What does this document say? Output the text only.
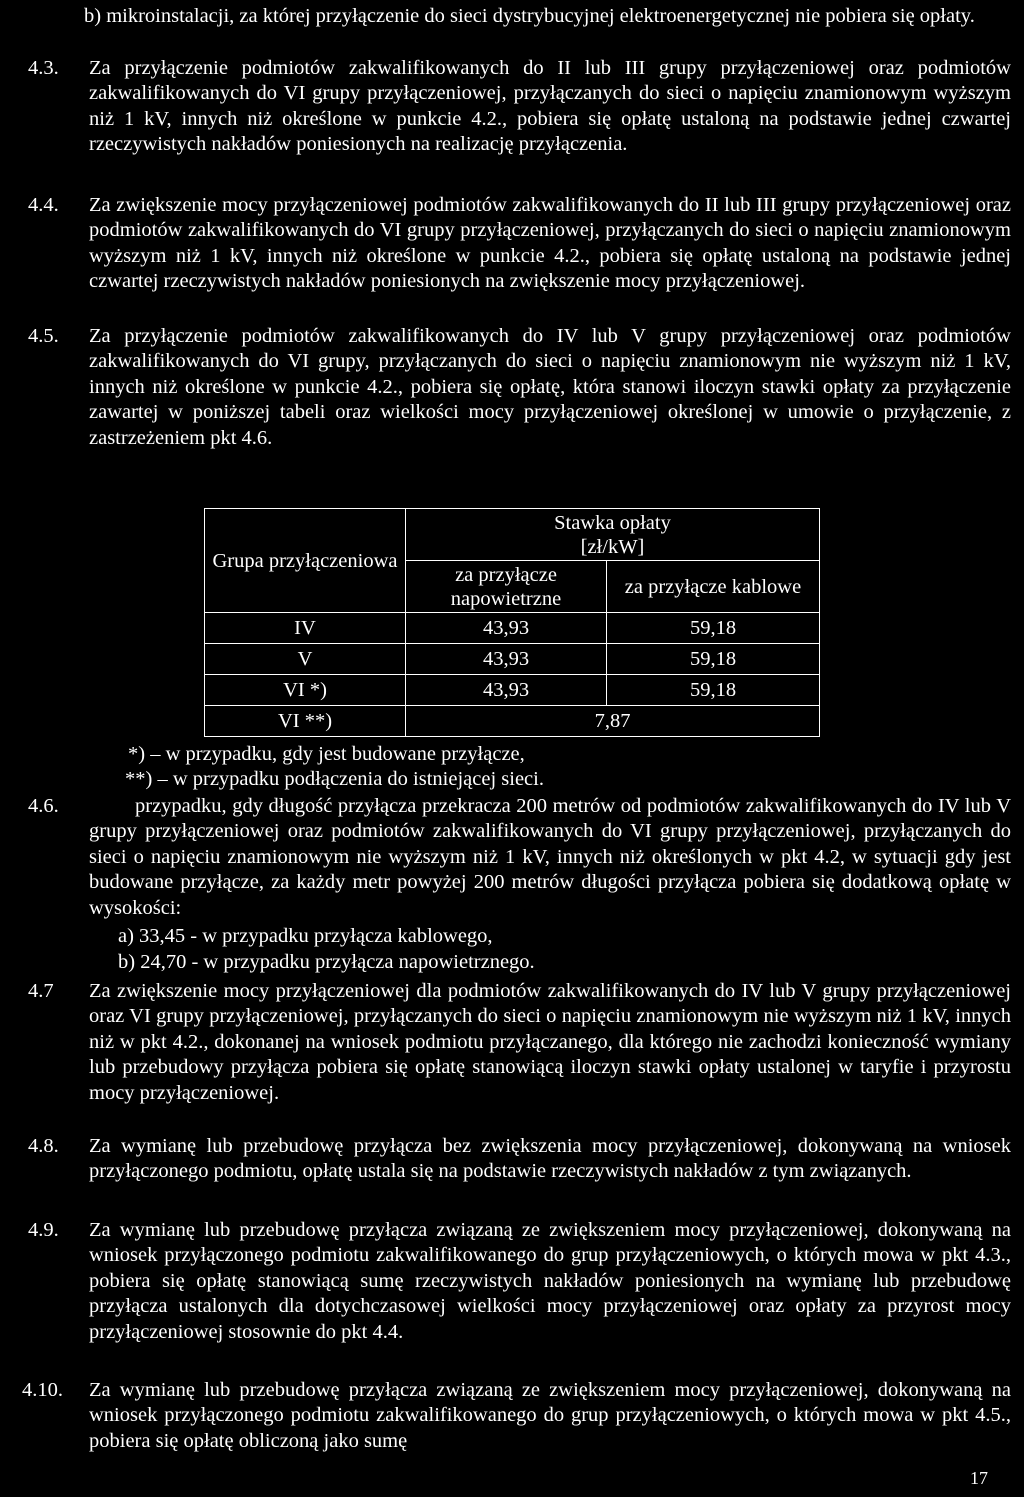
b) mikroinstalacji, za której przyłączenie do sieci dystrybucyjnej elektroenergetycznej nie pobiera się opłaty.
4.3. Za przyłączenie podmiotów zakwalifikowanych do II lub III grupy przyłączeniowej oraz podmiotów zakwalifikowanych do VI grupy przyłączeniowej, przyłączanych do sieci o napięciu znamionowym wyższym niż 1 kV, innych niż określone w punkcie 4.2., pobiera się opłatę ustaloną na podstawie jednej czwartej rzeczywistych nakładów poniesionych na realizację przyłączenia.
4.4. Za zwiększenie mocy przyłączeniowej podmiotów zakwalifikowanych do II lub III grupy przyłączeniowej oraz podmiotów zakwalifikowanych do VI grupy przyłączeniowej, przyłączanych do sieci o napięciu znamionowym wyższym niż 1 kV, innych niż określone w punkcie 4.2., pobiera się opłatę ustaloną na podstawie jednej czwartej rzeczywistych nakładów poniesionych na zwiększenie mocy przyłączeniowej.
4.5. Za przyłączenie podmiotów zakwalifikowanych do IV lub V grupy przyłączeniowej oraz podmiotów zakwalifikowanych do VI grupy, przyłączanych do sieci o napięciu znamionowym nie wyższym niż 1 kV, innych niż określone w punkcie 4.2., pobiera się opłatę, która stanowi iloczyn stawki opłaty za przyłączenie zawartej w poniższej tabeli oraz wielkości mocy przyłączeniowej określonej w umowie o przyłączenie, z zastrzeżeniem pkt 4.6.
Grupa przyłączeniowa	Stawka opłaty
[zł/kW]	

	za przyłącze napowietrzne	za przyłącze kablowe
IV	43,93	59,18
V	43,93	59,18
VI *)	43,93	59,18
VI **)	7,87	
*) – w przypadku, gdy jest budowane przyłącze,
**) – w przypadku podłączenia do istniejącej sieci.
4.6.	przypadku, gdy długość przyłącza przekracza 200 metrów od podmiotów zakwalifikowanych do IV lub V grupy przyłączeniowej oraz podmiotów zakwalifikowanych do VI grupy przyłączeniowej, przyłączanych do sieci o napięciu znamionowym nie wyższym niż 1 kV, innych niż określonych w pkt 4.2, w sytuacji gdy jest budowane przyłącze, za każdy metr powyżej 200 metrów długości przyłącza pobiera się dodatkową opłatę w wysokości:
a) 33,45 - w przypadku przyłącza kablowego,
b) 24,70 - w przypadku przyłącza napowietrznego.
4.7 Za zwiększenie mocy przyłączeniowej dla podmiotów zakwalifikowanych do IV lub V grupy przyłączeniowej oraz VI grupy przyłączeniowej, przyłączanych do sieci o napięciu znamionowym nie wyższym niż 1 kV, innych niż w pkt 4.2., dokonanej na wniosek podmiotu przyłączanego, dla którego nie zachodzi konieczność wymiany lub przebudowy przyłącza pobiera się opłatę stanowiącą iloczyn stawki opłaty ustalonej w taryfie i przyrostu mocy przyłączeniowej.
4.8. Za wymianę lub przebudowę przyłącza bez zwiększenia mocy przyłączeniowej, dokonywaną na wniosek przyłączonego podmiotu, opłatę ustala się na podstawie rzeczywistych nakładów z tym związanych.
4.9. Za wymianę lub przebudowę przyłącza związaną ze zwiększeniem mocy przyłączeniowej, dokonywaną na wniosek przyłączonego podmiotu zakwalifikowanego do grup przyłączeniowych, o których mowa w pkt 4.3., pobiera się opłatę stanowiącą sumę rzeczywistych nakładów poniesionych na wymianę lub przebudowę przyłącza ustalonych dla dotychczasowej wielkości mocy przyłączeniowej oraz opłaty za przyrost mocy przyłączeniowej stosownie do pkt 4.4.
4.10. Za wymianę lub przebudowę przyłącza związaną ze zwiększeniem mocy przyłączeniowej, dokonywaną na wniosek przyłączonego podmiotu zakwalifikowanego do grup przyłączeniowych, o których mowa w pkt 4.5., pobiera się opłatę obliczoną jako sumę
17
